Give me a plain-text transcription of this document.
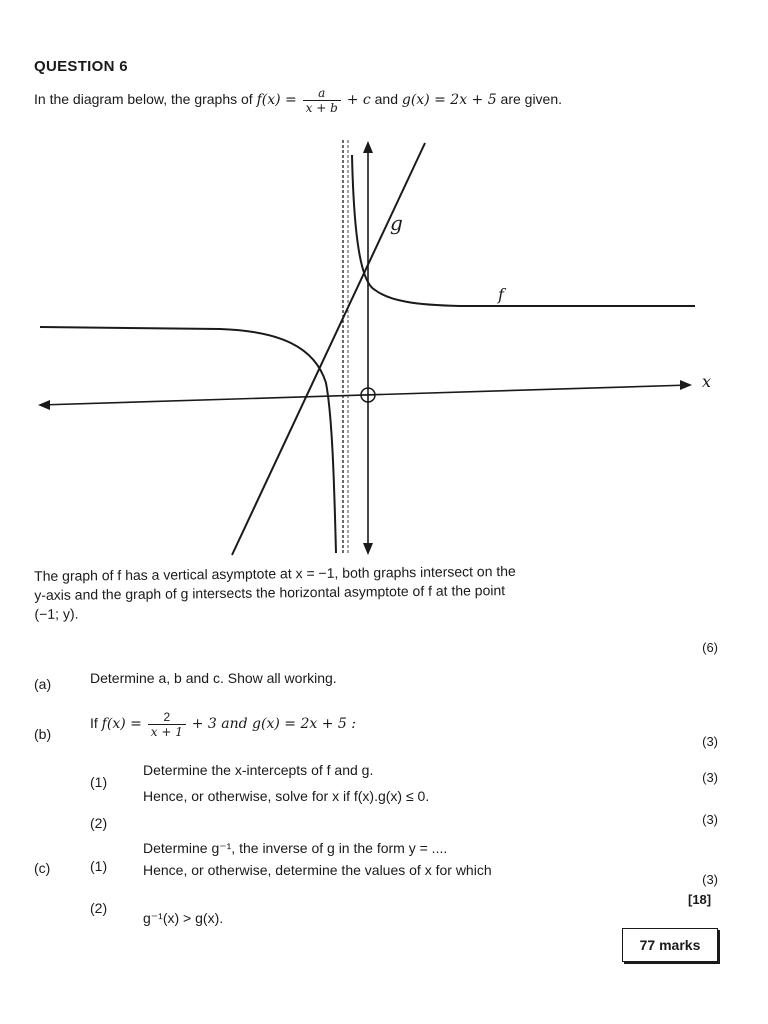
QUESTION 6
In the diagram below, the graphs of $f(x) = \frac{a}{x + b} + c$ and g(x) = 2x + 5 are given.
g
f
x
The graph of f has a vertical asymptote at x = −1, both graphs intersect on the
y-axis and the graph of g intersects the horizontal asymptote of f at the point
(−1; y).
(6)
(a)	Determine a, b and c. Show all working.
(b)
If $f(x) = \frac{2}{x + 1} + 3$ and g(x) = 2x + 5 :
(3)
(1)
Determine the x-intercepts of f and g.	(3)
(2)
Hence, or otherwise, solve for x if f(x).g(x) ≤ 0.
(3)
(c)	(1)
Determine g⁻¹, the inverse of g in the form y = ....
(3)
(2)
Hence, or otherwise, determine the values of x for which
g⁻¹(x) > g(x).
[18]
77 marks
